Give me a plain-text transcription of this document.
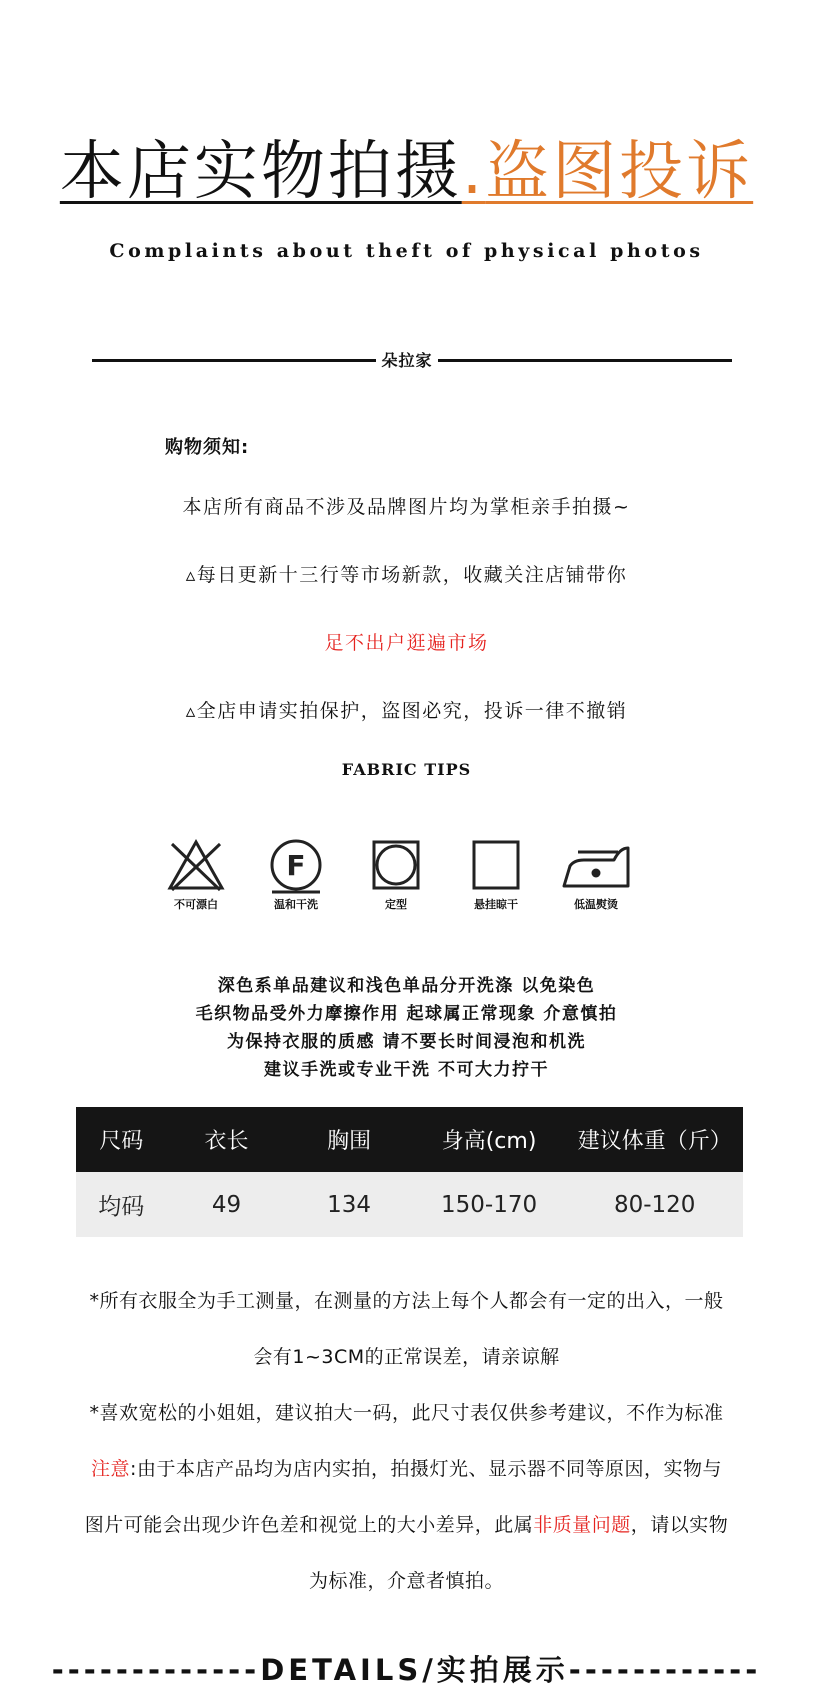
本店实物拍摄.盗图投诉
Complaints about theft of physical photos
朵拉家
购物须知:
本店所有商品不涉及品牌图片均为掌柜亲手拍摄~
▵每日更新十三行等市场新款，收藏关注店铺带你
足不出户逛遍市场
▵全店申请实拍保护，盗图必究，投诉一律不撤销
FABRIC TIPS
不可漂白
F
温和干洗	定型	悬挂晾干	低温熨烫
深色系单品建议和浅色单品分开洗涤 以免染色
毛织物品受外力摩擦作用 起球属正常现象 介意慎拍
为保持衣服的质感 请不要长时间浸泡和机洗
建议手洗或专业干洗 不可大力拧干
尺码	衣长	胸围	身高(cm)	建议体重（斤）
均码	49	134	150-170	80-120
*所有衣服全为手工测量，在测量的方法上每个人都会有一定的出入，一般
会有1~3CM的正常误差，请亲谅解
*喜欢宽松的小姐姐，建议拍大一码，此尺寸表仅供参考建议，不作为标准
注意:由于本店产品均为店内实拍，拍摄灯光、显示器不同等原因，实物与
图片可能会出现少许色差和视觉上的大小差异，此属非质量问题，请以实物
为标准，介意者慎拍。
-------------DETAILS/实拍展示------------
